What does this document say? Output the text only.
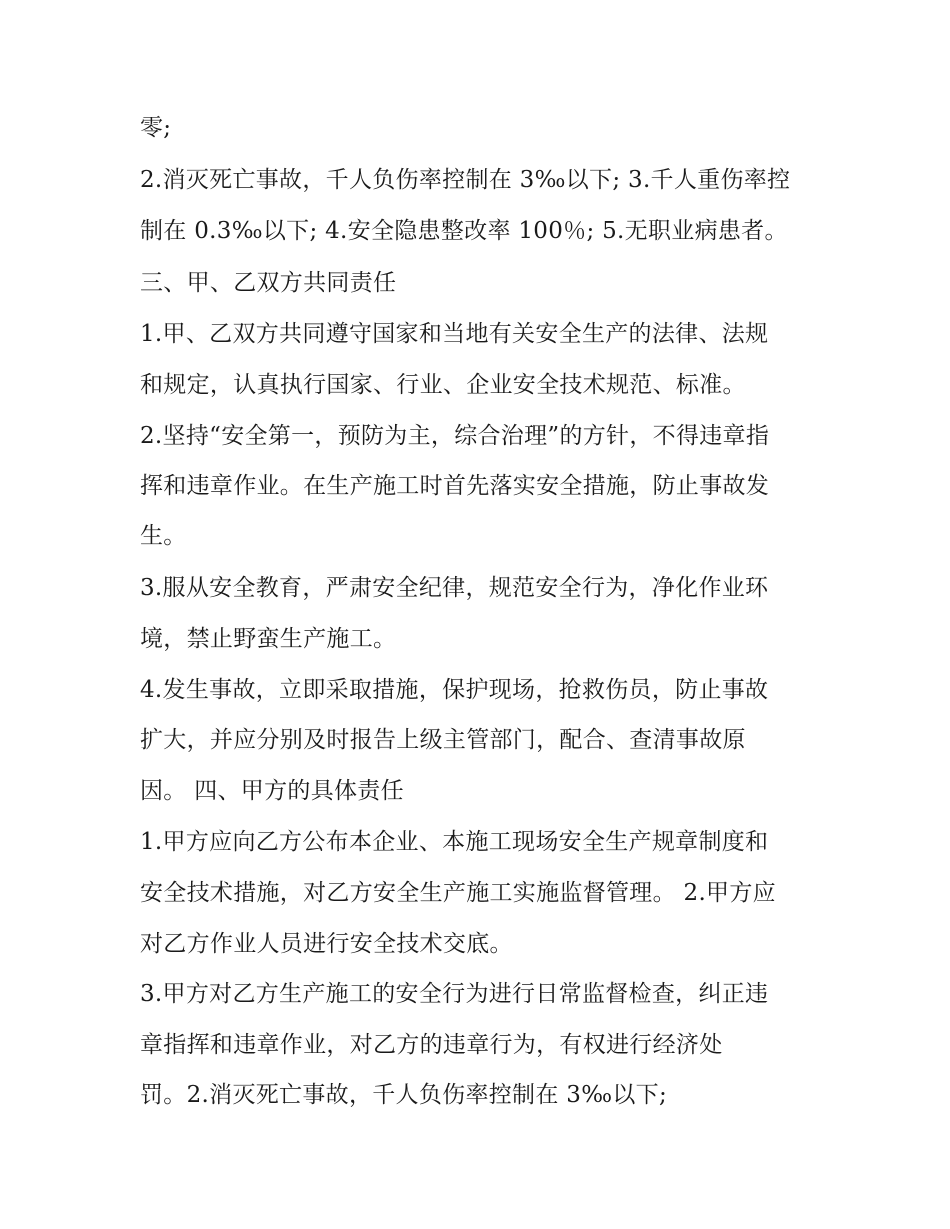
零;

2.消灭死亡事故，千人负伤率控制在 3‰以下; 3.千人重伤率控

制在 0.3‰以下; 4.安全隐患整改率 100％; 5.无职业病患者。

三、甲、乙双方共同责任

1.甲、乙双方共同遵守国家和当地有关安全生产的法律、法规

和规定，认真执行国家、行业、企业安全技术规范、标准。

2.坚持“安全第一，预防为主，综合治理”的方针，不得违章指

挥和违章作业。在生产施工时首先落实安全措施，防止事故发

生。

3.服从安全教育，严肃安全纪律，规范安全行为，净化作业环

境，禁止野蛮生产施工。

4.发生事故，立即采取措施，保护现场，抢救伤员，防止事故

扩大，并应分别及时报告上级主管部门，配合、查清事故原

因。 四、甲方的具体责任

1.甲方应向乙方公布本企业、本施工现场安全生产规章制度和

安全技术措施，对乙方安全生产施工实施监督管理。 2.甲方应

对乙方作业人员进行安全技术交底。

3.甲方对乙方生产施工的安全行为进行日常监督检查，纠正违

章指挥和违章作业，对乙方的违章行为，有权进行经济处

罚。2.消灭死亡事故，千人负伤率控制在 3‰以下;
